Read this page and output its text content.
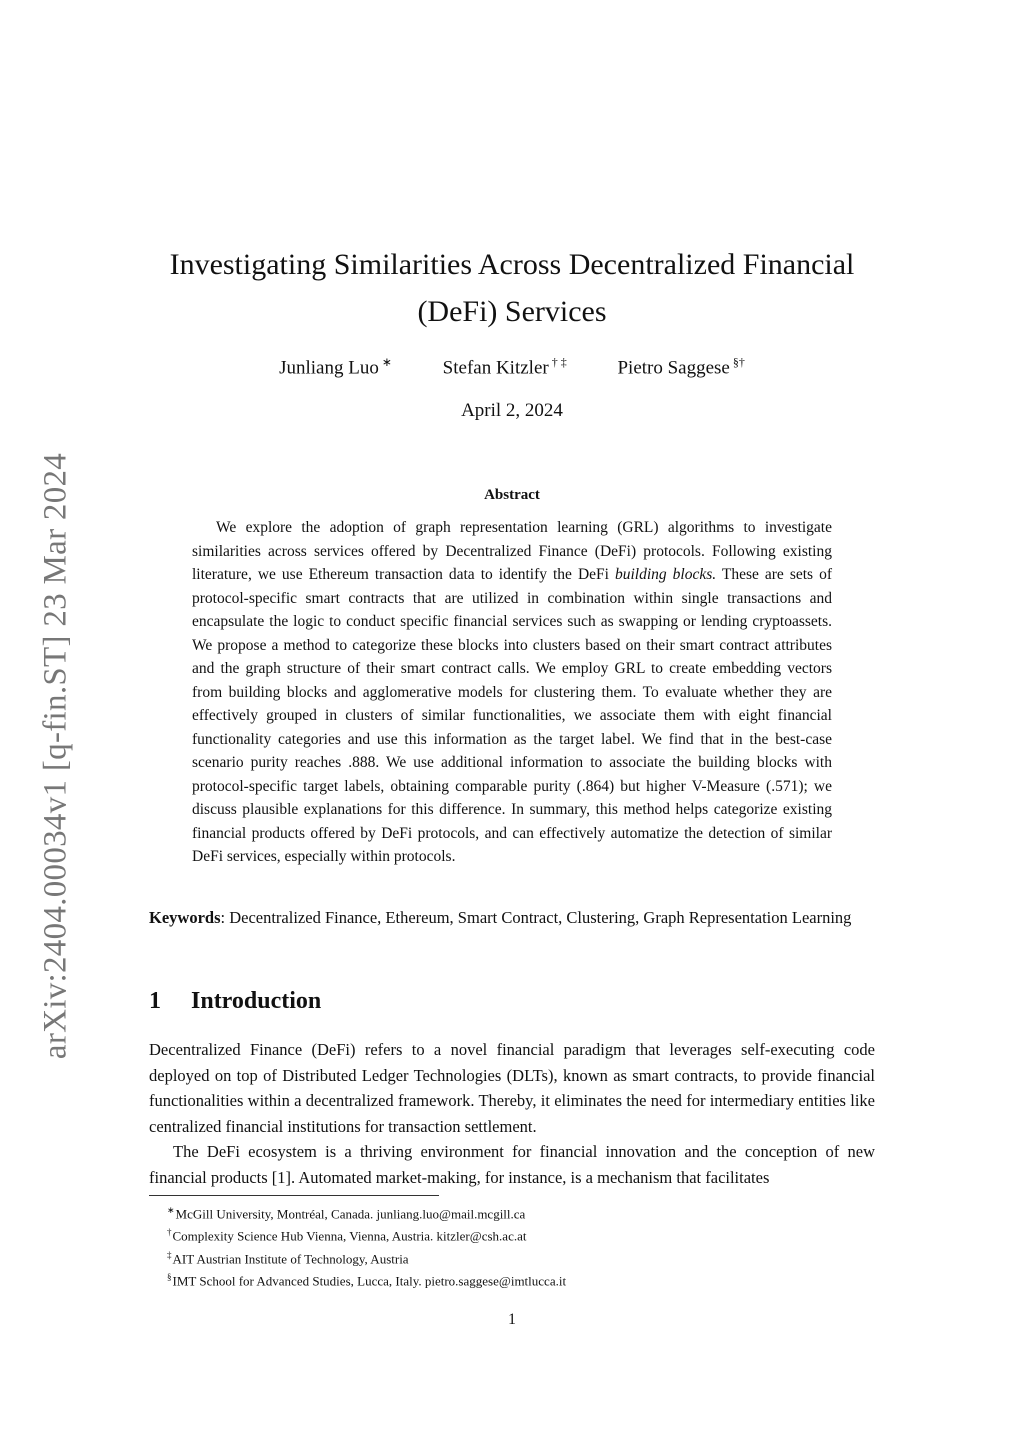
arXiv:2404.00034v1 [q-fin.ST] 23 Mar 2024
Investigating Similarities Across Decentralized Financial
(DeFi) Services
Junliang Luo ∗	Stefan Kitzler † ‡	Pietro Saggese §†
April 2, 2024
Abstract

We explore the adoption of graph representation learning (GRL) algorithms to investigate similarities across services offered by Decentralized Finance (DeFi) protocols. Following existing literature, we use Ethereum transaction data to identify the DeFi building blocks. These are sets of protocol-specific smart contracts that are utilized in combination within single transactions and encapsulate the logic to conduct specific financial services such as swapping or lending cryptoassets. We propose a method to categorize these blocks into clusters based on their smart contract attributes and the graph structure of their smart contract calls. We employ GRL to create embedding vectors from building blocks and agglomerative models for clustering them. To evaluate whether they are effectively grouped in clusters of similar functionalities, we associate them with eight financial functionality categories and use this information as the target label. We find that in the best-case scenario purity reaches .888. We use additional information to associate the building blocks with protocol-specific target labels, obtaining comparable purity (.864) but higher V-Measure (.571); we discuss plausible explanations for this difference. In summary, this method helps categorize existing financial products offered by DeFi protocols, and can effectively automatize the detection of similar DeFi services, especially within protocols.

Keywords: Decentralized Finance, Ethereum, Smart Contract, Clustering, Graph Representation Learning

1 Introduction

Decentralized Finance (DeFi) refers to a novel financial paradigm that leverages self-executing code deployed on top of Distributed Ledger Technologies (DLTs), known as smart contracts, to provide financial functionalities within a decentralized framework. Thereby, it eliminates the need for intermediary entities like centralized financial institutions for transaction settlement.

The DeFi ecosystem is a thriving environment for financial innovation and the conception of new financial products [1]. Automated market-making, for instance, is a mechanism that facilitates

∗McGill University, Montréal, Canada. junliang.luo@mail.mcgill.ca
†Complexity Science Hub Vienna, Vienna, Austria. kitzler@csh.ac.at
‡AIT Austrian Institute of Technology, Austria
§IMT School for Advanced Studies, Lucca, Italy. pietro.saggese@imtlucca.it
1
